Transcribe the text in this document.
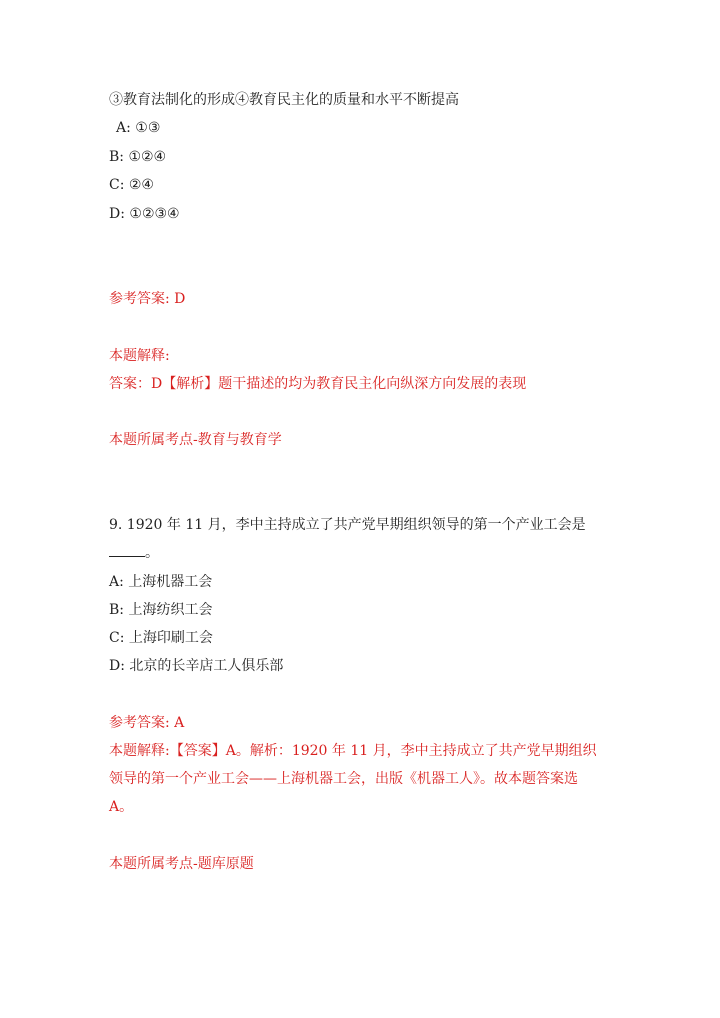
③教育法制化的形成④教育民主化的质量和水平不断提高
A: ①③
B: ①②④
C: ②④
D: ①②③④
参考答案: D
本题解释:
答案：D【解析】题干描述的均为教育民主化向纵深方向发展的表现
本题所属考点-教育与教育学
9. 1920 年 11 月，李中主持成立了共产党早期组织领导的第一个产业工会是
。
A: 上海机器工会
B: 上海纺织工会
C: 上海印刷工会
D: 北京的长辛店工人俱乐部
参考答案: A
本题解释:【答案】A。解析：1920 年 11 月，李中主持成立了共产党早期组织
领导的第一个产业工会——上海机器工会，出版《机器工人》。故本题答案选
A。
本题所属考点-题库原题
